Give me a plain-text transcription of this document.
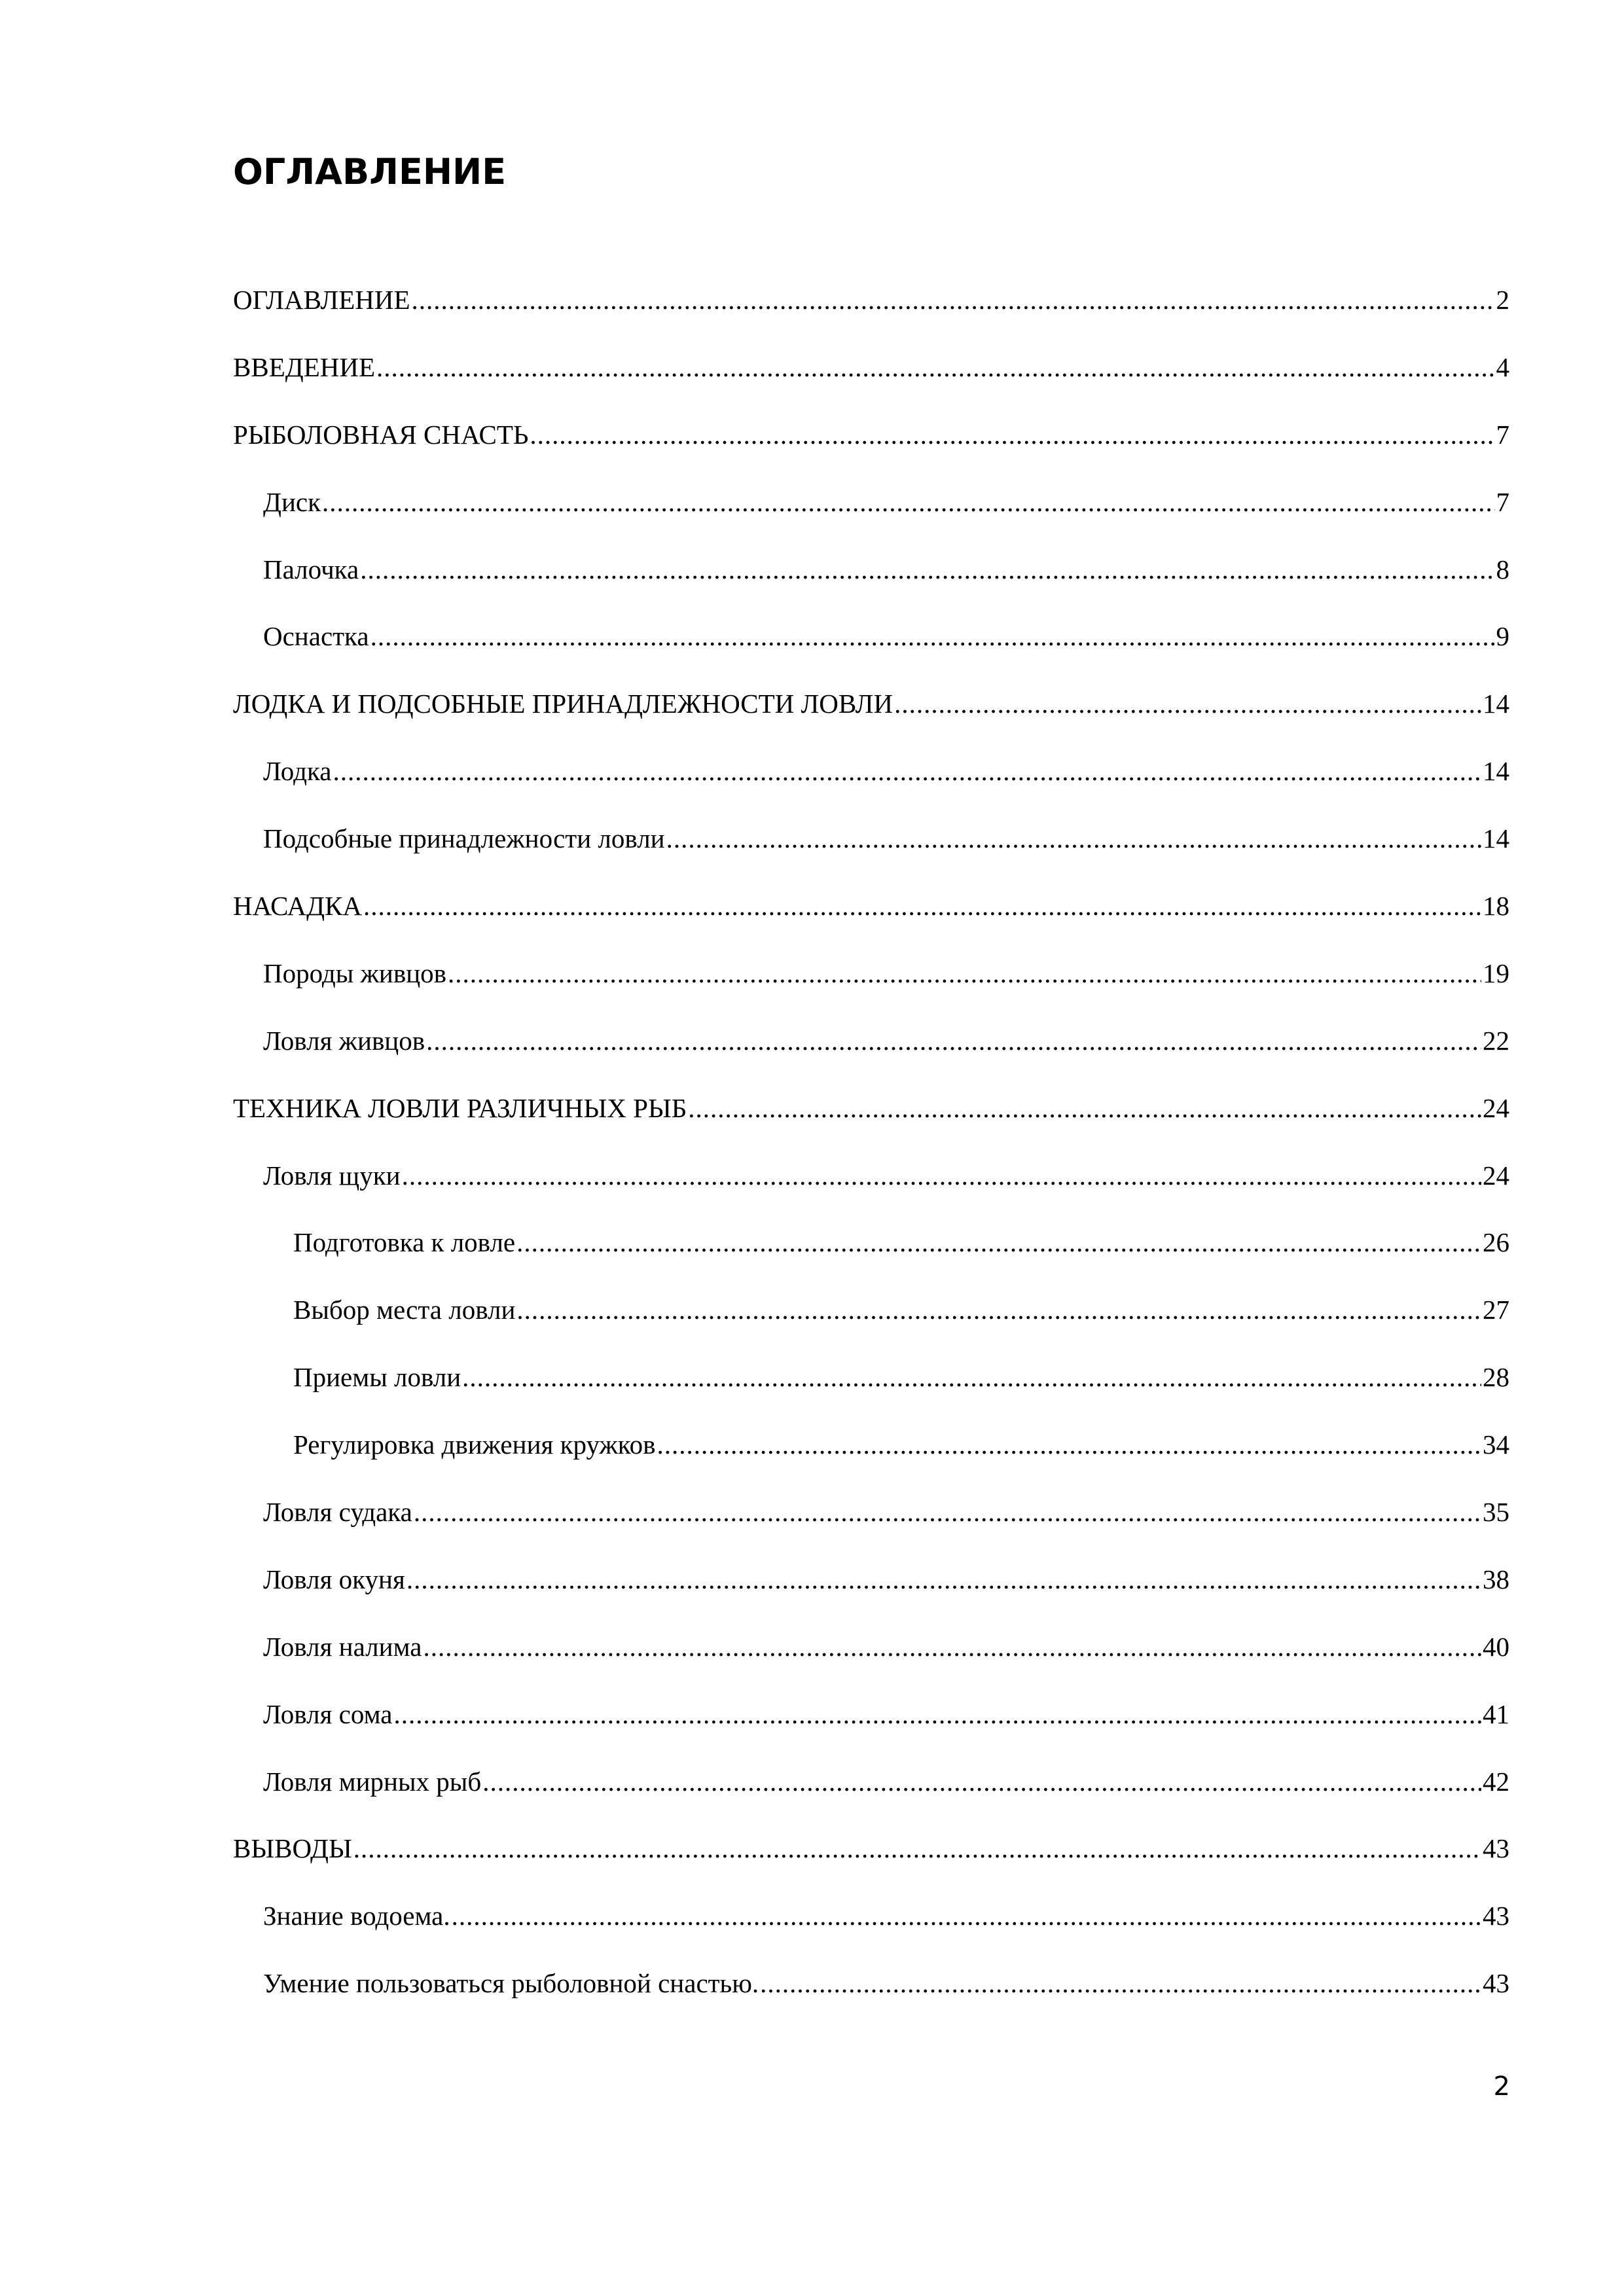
ОГЛАВЛЕНИЕ
ОГЛАВЛЕНИЕ .....	2
ВВЕДЕНИЕ .....	4
РЫБОЛОВНАЯ СНАСТЬ .....	7
Диск .....	7
Палочка .....	8
Оснастка .....	9
ЛОДКА И ПОДСОБНЫЕ ПРИНАДЛЕЖНОСТИ ЛОВЛИ .....	14
Лодка .....	14
Подсобные принадлежности ловли .....	14
НАСАДКА .....	18
Породы живцов .....	19
Ловля живцов .....	22
ТЕХНИКА ЛОВЛИ РАЗЛИЧНЫХ РЫБ .....	24
Ловля щуки .....	24
Подготовка к ловле .....	26
Выбор места ловли .....	27
Приемы ловли .....	28
Регулировка движения кружков .....	34
Ловля судака .....	35
Ловля окуня .....	38
Ловля налима .....	40
Ловля сома .....	41
Ловля мирных рыб .....	42
ВЫВОДЫ .....	43
Знание водоема. .....	43
Умение пользоваться рыболовной снастью. .....	43
2
